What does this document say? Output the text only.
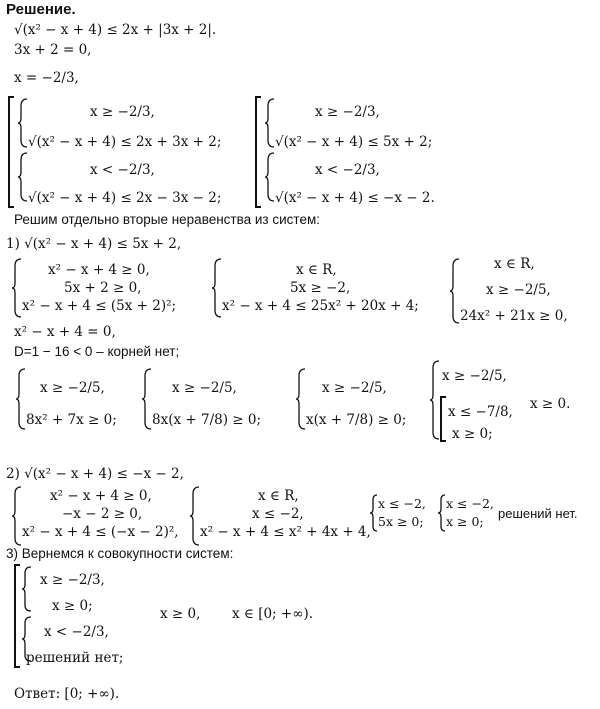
Решение.
√(x² − x + 4) ≤ 2x + |3x + 2|.
3x + 2 = 0,
x = −2/3,
x ≥ −2/3,
√(x² − x + 4) ≤ 2x + 3x + 2;
x < −2/3,
√(x² − x + 4) ≤ 2x − 3x − 2;
x ≥ −2/3,
√(x² − x + 4) ≤ 5x + 2;
x < −2/3,
√(x² − x + 4) ≤ −x − 2.
Решим отдельно вторые неравенства из систем:
1) √(x² − x + 4) ≤ 5x + 2,
x² − x + 4 ≥ 0,
5x + 2 ≥ 0,
x² − x + 4 ≤ (5x + 2)²;
x ∈ R,
5x ≥ −2,
x² − x + 4 ≤ 25x² + 20x + 4;
x ∈ R,
x ≥ −2/5,
24x² + 21x ≥ 0,
x² − x + 4 = 0,
D=1 − 16 < 0 – корней нет;
x ≥ −2/5,
8x² + 7x ≥ 0;
x ≥ −2/5,
8x(x + 7/8) ≥ 0;
x ≥ −2/5,
x(x + 7/8) ≥ 0;
x ≥ −2/5,
x ≤ −7/8,
x ≥ 0;
x ≥ 0.
2) √(x² − x + 4) ≤ −x − 2,
x² − x + 4 ≥ 0,
−x − 2 ≥ 0,
x² − x + 4 ≤ (−x − 2)²,
x ∈ R,
x ≤ −2,
x² − x + 4 ≤ x² + 4x + 4,
x ≤ −2,
5x ≥ 0;
x ≤ −2,
x ≥ 0;
решений нет.
3) Вернемся к совокупности систем:
x ≥ −2/3,
x ≥ 0;
x < −2/3,
решений нет;
x ≥ 0, x ∈ [0; +∞).
Ответ: [0; +∞).
